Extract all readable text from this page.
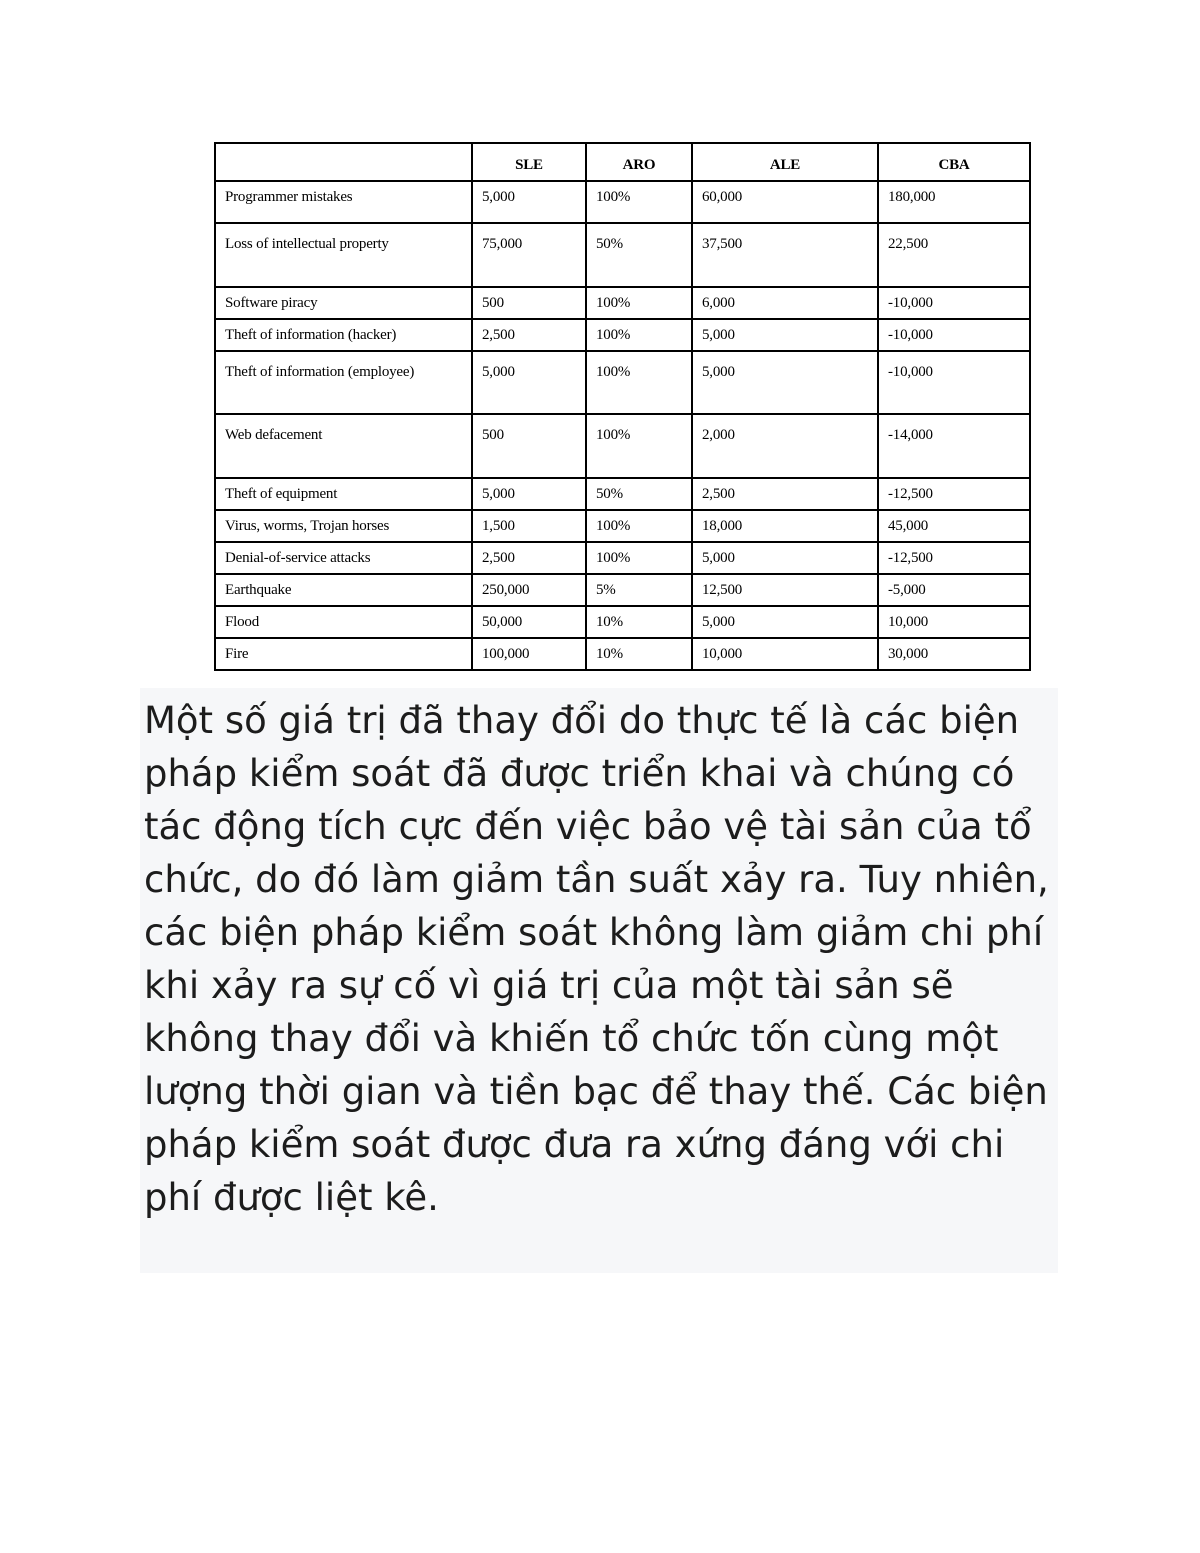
	SLE	ARO	ALE	CBA
Programmer mistakes	5,000	100%	60,000	180,000
Loss of intellectual property	75,000	50%	37,500	22,500
Software piracy	500	100%	6,000	-10,000
Theft of information (hacker)	2,500	100%	5,000	-10,000
Theft of information (employee)	5,000	100%	5,000	-10,000
Web defacement	500	100%	2,000	-14,000
Theft of equipment	5,000	50%	2,500	-12,500
Virus, worms, Trojan horses	1,500	100%	18,000	45,000
Denial-of-service attacks	2,500	100%	5,000	-12,500
Earthquake	250,000	5%	12,500	-5,000
Flood	50,000	10%	5,000	10,000
Fire	100,000	10%	10,000	30,000

Một số giá trị đã thay đổi do thực tế là các biện pháp kiểm soát đã được triển khai và chúng có tác động tích cực đến việc bảo vệ tài sản của tổ chức, do đó làm giảm tần suất xảy ra. Tuy nhiên, các biện pháp kiểm soát không làm giảm chi phí khi xảy ra sự cố vì giá trị của một tài sản sẽ không thay đổi và khiến tổ chức tốn cùng một lượng thời gian và tiền bạc để thay thế. Các biện pháp kiểm soát được đưa ra xứng đáng với chi phí được liệt kê.
